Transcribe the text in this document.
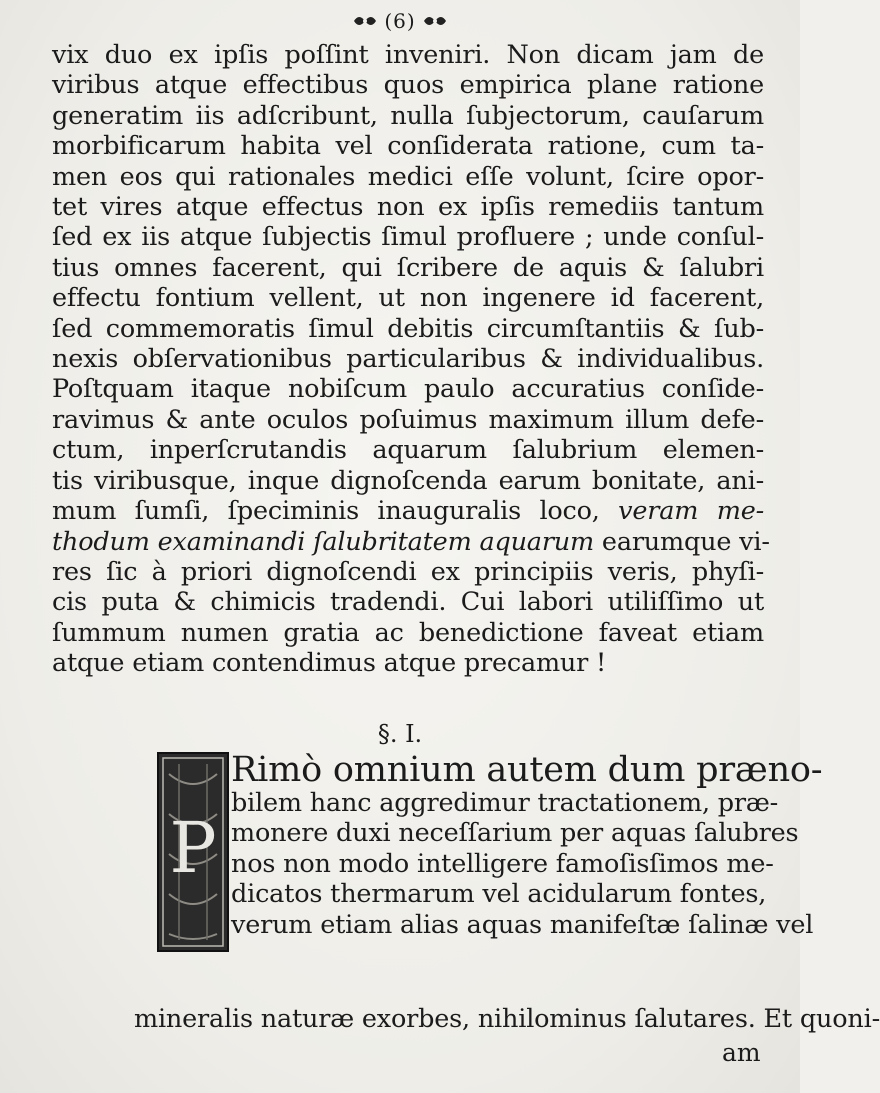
(6)
vix duo ex ipſis poſſint inveniri. Non dicam jam de
viribus atque effectibus quos empirica plane ratione
generatim iis adſcribunt, nulla ſubjectorum, cauſarum
morbificarum habita vel conſiderata ratione, cum ta-
men eos qui rationales medici eſſe volunt, ſcire opor-
tet vires atque effectus non ex ipſis remediis tantum
ſed ex iis atque ſubjectis ſimul profluere ; unde conſul-
tius omnes facerent, qui ſcribere de aquis & ſalubri
effectu fontium vellent, ut non ingenere id facerent,
ſed commemoratis ſimul debitis circumſtantiis & ſub-
nexis obſervationibus particularibus & individualibus.
Poſtquam itaque nobiſcum paulo accuratius conſide-
ravimus & ante oculos poſuimus maximum illum defe-
ctum, inperſcrutandis aquarum ſalubrium elemen-
tis viribusque, inque dignoſcenda earum bonitate, ani-
mum ſumſi, ſpeciminis inauguralis loco, veram me-
thodum examinandi ſalubritatem aquarum earumque vi-
res ſic à priori dignoſcendi ex principiis veris, phyſi-
cis puta & chimicis tradendi. Cui labori utiliſſimo ut
ſummum numen gratia ac benedictione faveat etiam
atque etiam contendimus atque precamur !
§. I.
P
Rimò omnium autem dum præno-
bilem hanc aggredimur tractationem, præ-
monere duxi neceſſarium per aquas ſalubres
nos non modo intelligere famoſisſimos me-
dicatos thermarum vel acidularum fontes,
verum etiam alias aquas manifeſtæ ſalinæ vel
mineralis naturæ exorbes, nihilominus ſalutares. Et quoni-
am
